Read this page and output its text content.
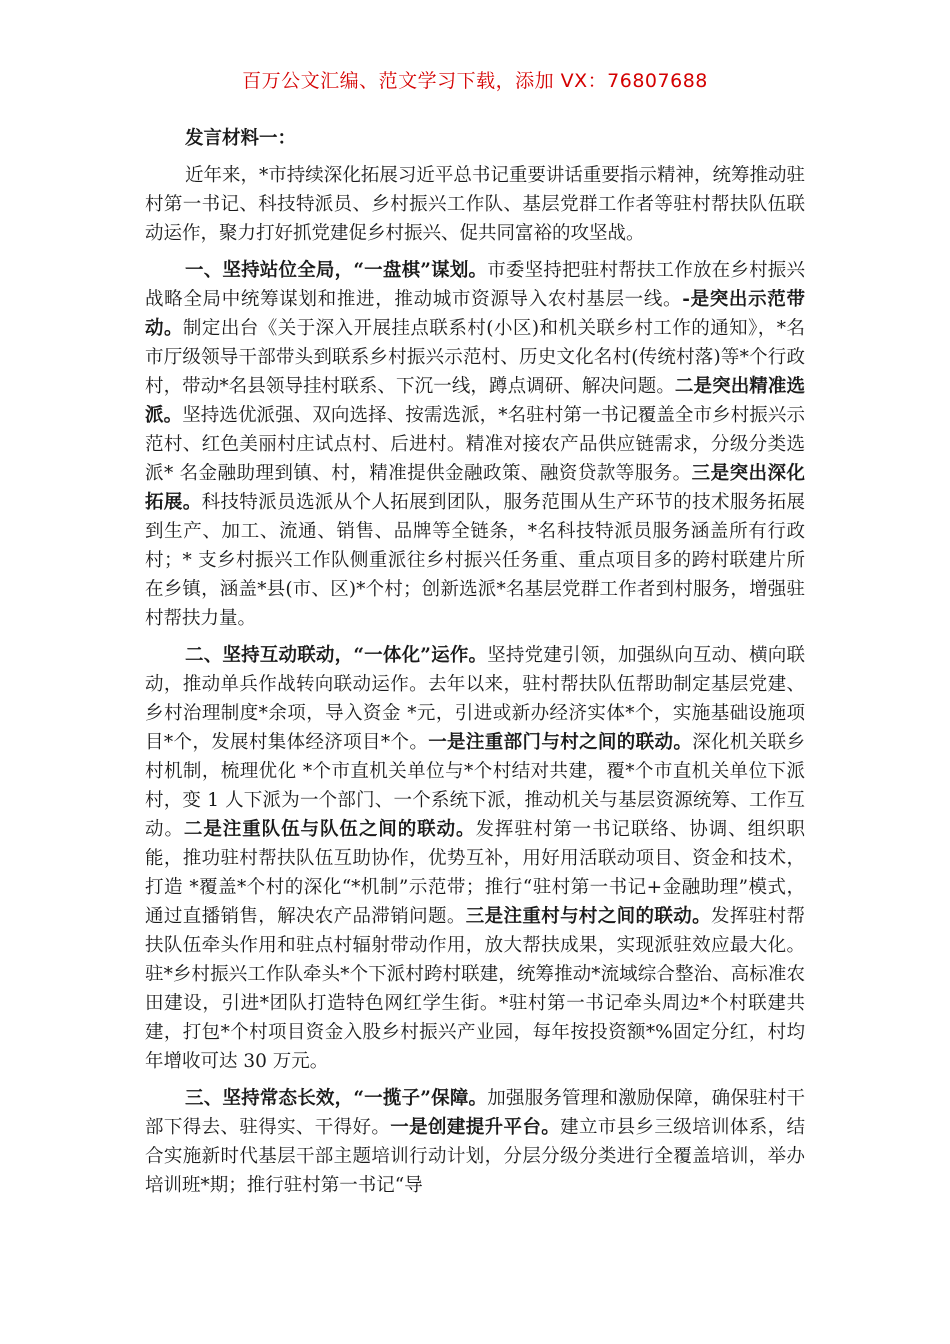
百万公文汇编、范文学习下载，添加 VX：76807688

发言材料一：

近年来，*市持续深化拓展习近平总书记重要讲话重要指示精神，统筹推动驻村第一书记、科技特派员、乡村振兴工作队、基层党群工作者等驻村帮扶队伍联动运作，聚力打好抓党建促乡村振兴、促共同富裕的攻坚战。

一、坚持站位全局，“一盘棋”谋划。市委坚持把驻村帮扶工作放在乡村振兴战略全局中统筹谋划和推进，推动城市资源导入农村基层一线。-是突出示范带动。制定出台《关于深入开展挂点联系村(小区)和机关联乡村工作的通知》，*名市厅级领导干部带头到联系乡村振兴示范村、历史文化名村(传统村落)等*个行政村，带动*名县领导挂村联系、下沉一线，蹲点调研、解决问题。二是突出精准选派。坚持选优派强、双向选择、按需选派，*名驻村第一书记覆盖全市乡村振兴示范村、红色美丽村庄试点村、后进村。精准对接农产品供应链需求，分级分类选派* 名金融助理到镇、村，精准提供金融政策、融资贷款等服务。三是突出深化拓展。科技特派员选派从个人拓展到团队，服务范围从生产环节的技术服务拓展到生产、加工、流通、销售、品牌等全链条，*名科技特派员服务涵盖所有行政村；* 支乡村振兴工作队侧重派往乡村振兴任务重、重点项目多的跨村联建片所在乡镇，涵盖*县(市、区)*个村；创新选派*名基层党群工作者到村服务，增强驻村帮扶力量。

二、坚持互动联动，“一体化”运作。坚持党建引领，加强纵向互动、横向联动，推动单兵作战转向联动运作。去年以来，驻村帮扶队伍帮助制定基层党建、乡村治理制度*余项，导入资金 *元，引进或新办经济实体*个，实施基础设施项目*个，发展村集体经济项目*个。一是注重部门与村之间的联动。深化机关联乡村机制，梳理优化 *个市直机关单位与*个村结对共建，覆*个市直机关单位下派村，变 1 人下派为一个部门、一个系统下派，推动机关与基层资源统筹、工作互动。二是注重队伍与队伍之间的联动。发挥驻村第一书记联络、协调、组织职能，推功驻村帮扶队伍互助协作，优势互补，用好用活联动项目、资金和技术，打造 *覆盖*个村的深化“*机制”示范带；推行“驻村第一书记+金融助理”模式，通过直播销售，解决农产品滞销问题。三是注重村与村之间的联动。发挥驻村帮扶队伍牵头作用和驻点村辐射带动作用，放大帮扶成果，实现派驻效应最大化。驻*乡村振兴工作队牵头*个下派村跨村联建，统筹推动*流域综合整治、高标准农田建设，引进*团队打造特色网红学生街。*驻村第一书记牵头周边*个村联建共建，打包*个村项目资金入股乡村振兴产业园，每年按投资额*%固定分红，村均年增收可达 30 万元。

三、坚持常态长效，“一揽子”保障。加强服务管理和激励保障，确保驻村干部下得去、驻得实、干得好。一是创建提升平台。建立市县乡三级培训体系，结合实施新时代基层干部主题培训行动计划，分层分级分类进行全覆盖培训，举办培训班*期；推行驻村第一书记“导
